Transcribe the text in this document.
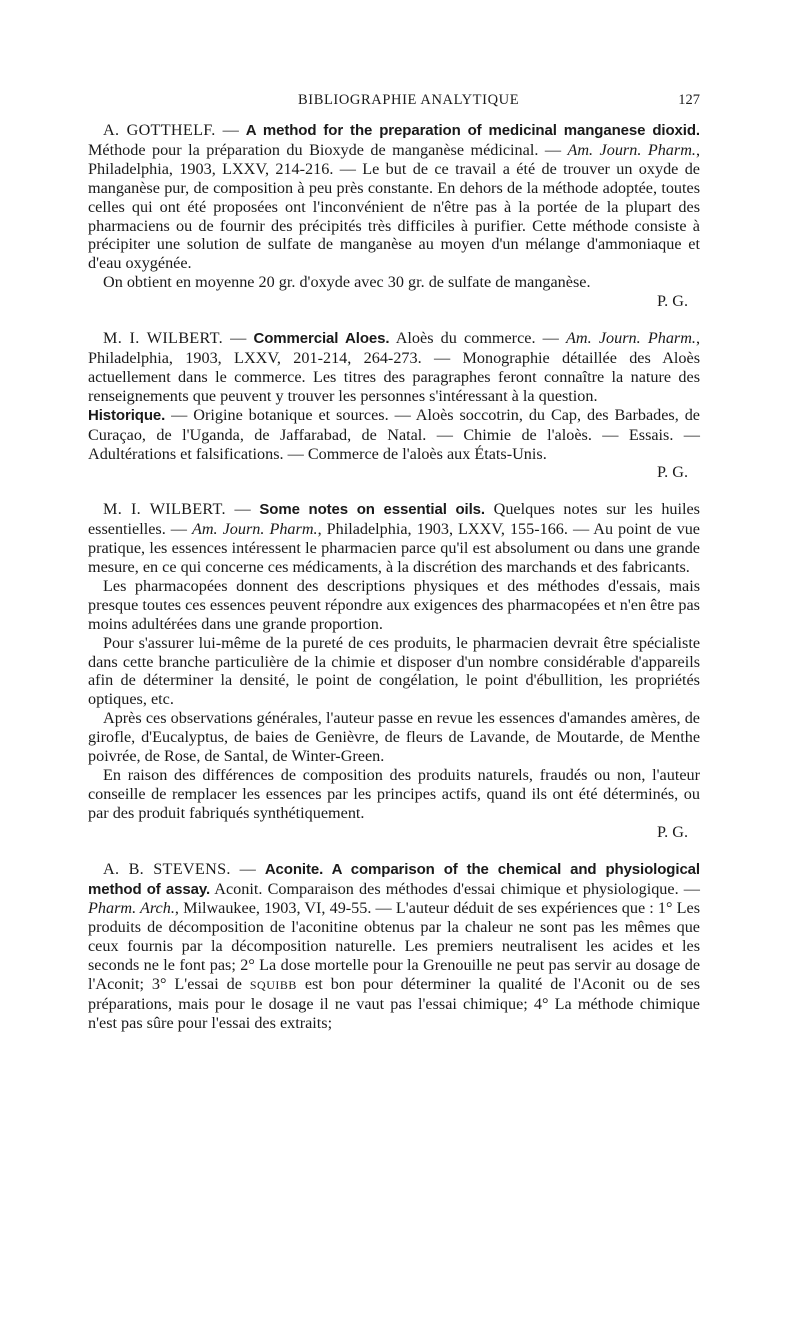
BIBLIOGRAPHIE ANALYTIQUE	127

A. GOTTHELF. — A method for the preparation of medicinal manganese dioxid. Méthode pour la préparation du Bioxyde de manganèse médicinal. — Am. Journ. Pharm., Philadelphia, 1903, LXXV, 214-216. — Le but de ce travail a été de trouver un oxyde de manganèse pur, de composition à peu près constante. En dehors de la méthode adoptée, toutes celles qui ont été proposées ont l'inconvénient de n'être pas à la portée de la plupart des pharmaciens ou de fournir des précipités très difficiles à purifier. Cette méthode consiste à précipiter une solution de sulfate de manganèse au moyen d'un mélange d'ammoniaque et d'eau oxygénée.

On obtient en moyenne 20 gr. d'oxyde avec 30 gr. de sulfate de manganèse.

P. G.

M. I. WILBERT. — Commercial Aloes. Aloès du commerce. — Am. Journ. Pharm., Philadelphia, 1903, LXXV, 201-214, 264-273. — Monographie détaillée des Aloès actuellement dans le commerce. Les titres des paragraphes feront connaître la nature des renseignements que peuvent y trouver les personnes s'intéressant à la question.

Historique. — Origine botanique et sources. — Aloès soccotrin, du Cap, des Barbades, de Curaçao, de l'Uganda, de Jaffarabad, de Natal. — Chimie de l'aloès. — Essais. — Adultérations et falsifications. — Commerce de l'aloès aux États-Unis.

P. G.

M. I. WILBERT. — Some notes on essential oils. Quelques notes sur les huiles essentielles. — Am. Journ. Pharm., Philadelphia, 1903, LXXV, 155-166. — Au point de vue pratique, les essences intéressent le pharmacien parce qu'il est absolument ou dans une grande mesure, en ce qui concerne ces médicaments, à la discrétion des marchands et des fabricants.

Les pharmacopées donnent des descriptions physiques et des méthodes d'essais, mais presque toutes ces essences peuvent répondre aux exigences des pharmacopées et n'en être pas moins adultérées dans une grande proportion.

Pour s'assurer lui-même de la pureté de ces produits, le pharmacien devrait être spécialiste dans cette branche particulière de la chimie et disposer d'un nombre considérable d'appareils afin de déterminer la densité, le point de congélation, le point d'ébullition, les propriétés optiques, etc.

Après ces observations générales, l'auteur passe en revue les essences d'amandes amères, de girofle, d'Eucalyptus, de baies de Genièvre, de fleurs de Lavande, de Moutarde, de Menthe poivrée, de Rose, de Santal, de Winter-Green.

En raison des différences de composition des produits naturels, fraudés ou non, l'auteur conseille de remplacer les essences par les principes actifs, quand ils ont été déterminés, ou par des produit fabriqués synthétiquement.

P. G.

A. B. STEVENS. — Aconite. A comparison of the chemical and physiological method of assay. Aconit. Comparaison des méthodes d'essai chimique et physiologique. — Pharm. Arch., Milwaukee, 1903, VI, 49-55. — L'auteur déduit de ses expériences que : 1° Les produits de décomposition de l'aconitine obtenus par la chaleur ne sont pas les mêmes que ceux fournis par la décomposition naturelle. Les premiers neutralisent les acides et les seconds ne le font pas; 2° La dose mortelle pour la Grenouille ne peut pas servir au dosage de l'Aconit; 3° L'essai de SQUIBB est bon pour déterminer la qualité de l'Aconit ou de ses préparations, mais pour le dosage il ne vaut pas l'essai chimique; 4° La méthode chimique n'est pas sûre pour l'essai des extraits;
